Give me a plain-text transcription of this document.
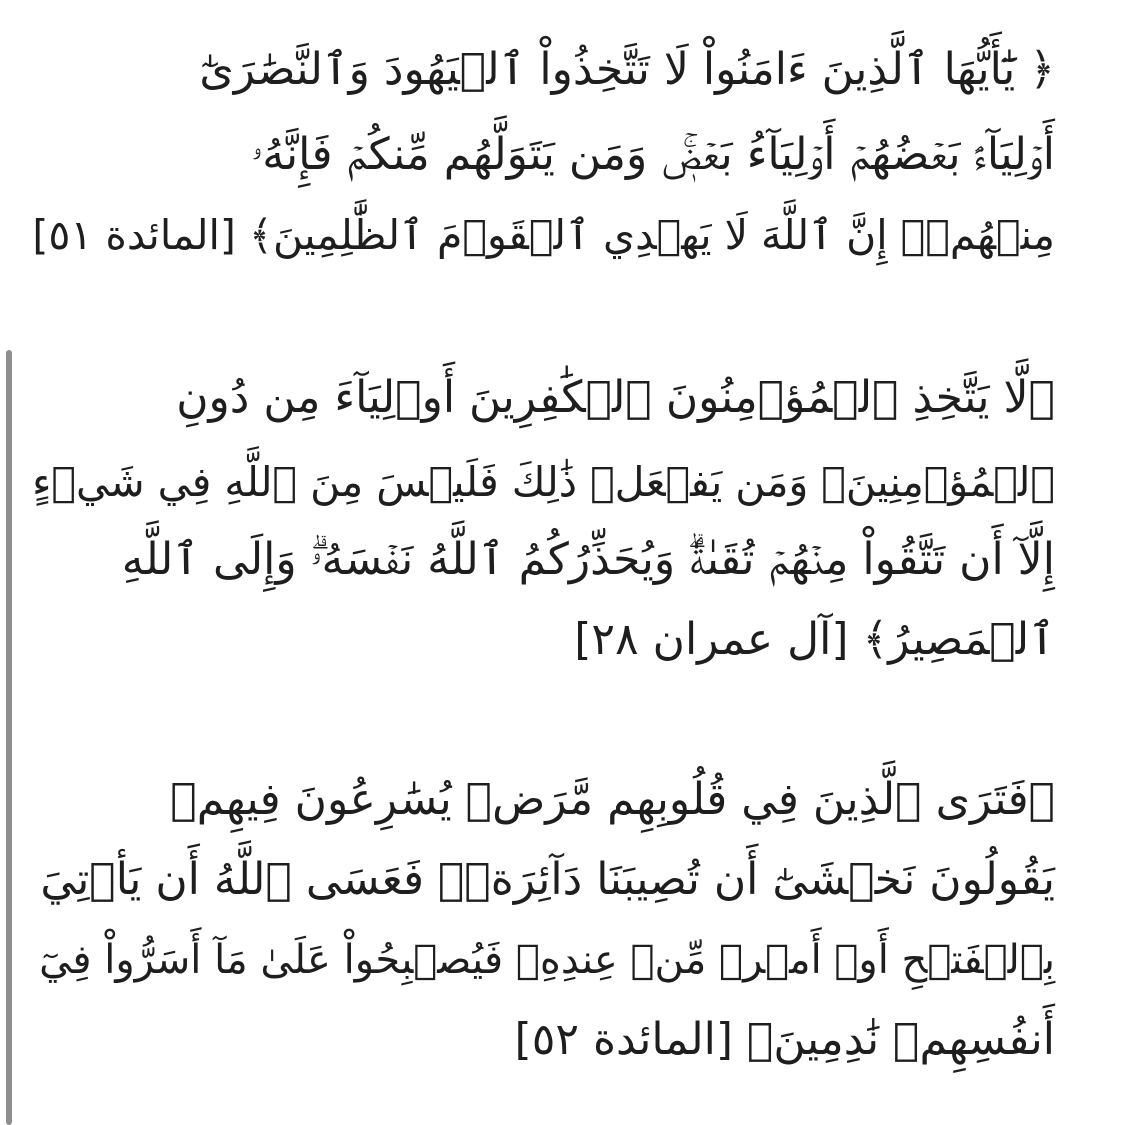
﴿ يَٰٓأَيُّهَا ٱلَّذِينَ ءَامَنُواْ لَا تَتَّخِذُواْ ٱلۡيَهُودَ وَٱلنَّصَٰرَىٰٓ
أَوۡلِيَآءَۘ بَعۡضُهُمۡ أَوۡلِيَآءُ بَعۡضٖۚ وَمَن يَتَوَلَّهُم مِّنكُمۡ فَإِنَّهُۥ
مِنۡهُمۡۗ إِنَّ ٱللَّهَ لَا يَهۡدِي ٱلۡقَوۡمَ ٱلظَّٰلِمِينَ﴾ [المائدة ٥١]
﴿لَّا يَتَّخِذِ ٱلۡمُؤۡمِنُونَ ٱلۡكَٰفِرِينَ أَوۡلِيَآءَ مِن دُونِ
ٱلۡمُؤۡمِنِينَۖ وَمَن يَفۡعَلۡ ذَٰلِكَ فَلَيۡسَ مِنَ ٱللَّهِ فِي شَيۡءٍ
إِلَّآ أَن تَتَّقُواْ مِنۡهُمۡ تُقَىٰةٗۗ وَيُحَذِّرُكُمُ ٱللَّهُ نَفۡسَهُۥۗ وَإِلَى ٱللَّهِ
ٱلۡمَصِيرُ﴾ [آل عمران ٢٨]
﴿فَتَرَى ٱلَّذِينَ فِي قُلُوبِهِم مَّرَضٞ يُسَٰرِعُونَ فِيهِمۡ
يَقُولُونَ نَخۡشَىٰٓ أَن تُصِيبَنَا دَآئِرَةٞۚ فَعَسَى ٱللَّهُ أَن يَأۡتِيَ
بِٱلۡفَتۡحِ أَوۡ أَمۡرٖ مِّنۡ عِندِهِۦ فَيُصۡبِحُواْ عَلَىٰ مَآ أَسَرُّواْ فِيٓ
أَنفُسِهِمۡ نَٰدِمِينَ﴾ [المائدة ٥٢]
